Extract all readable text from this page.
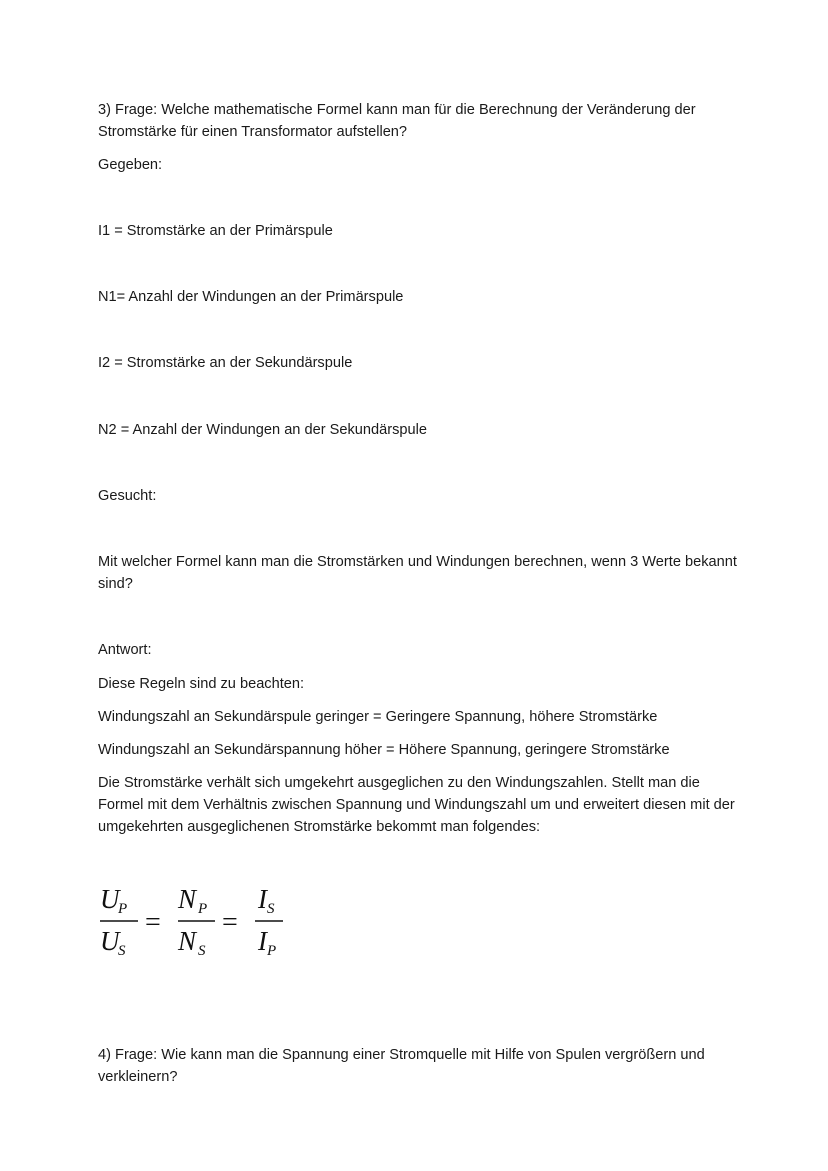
3) Frage: Welche mathematische Formel kann man für die Berechnung der Veränderung der Stromstärke für einen Transformator aufstellen?

Gegeben:

I1 = Stromstärke an der Primärspule

N1= Anzahl der Windungen an der Primärspule

I2 = Stromstärke an der Sekundärspule

N2 = Anzahl der Windungen an der Sekundärspule

Gesucht:

Mit welcher Formel kann man die Stromstärken und Windungen berechnen, wenn 3 Werte bekannt sind?

Antwort:

Diese Regeln sind zu beachten:

Windungszahl an Sekundärspule geringer = Geringere Spannung, höhere Stromstärke

Windungszahl an Sekundärspannung höher = Höhere Spannung, geringere Stromstärke

Die Stromstärke verhält sich umgekehrt ausgeglichen zu den Windungszahlen. Stellt man die Formel mit dem Verhältnis zwischen Spannung und Windungszahl um und erweitert diesen mit der umgekehrten ausgeglichenen Stromstärke bekommt man folgendes:

U
P
U
S
=
N P
N S
=
I S
I P

4) Frage: Wie kann man die Spannung einer Stromquelle mit Hilfe von Spulen vergrößern und verkleinern?
